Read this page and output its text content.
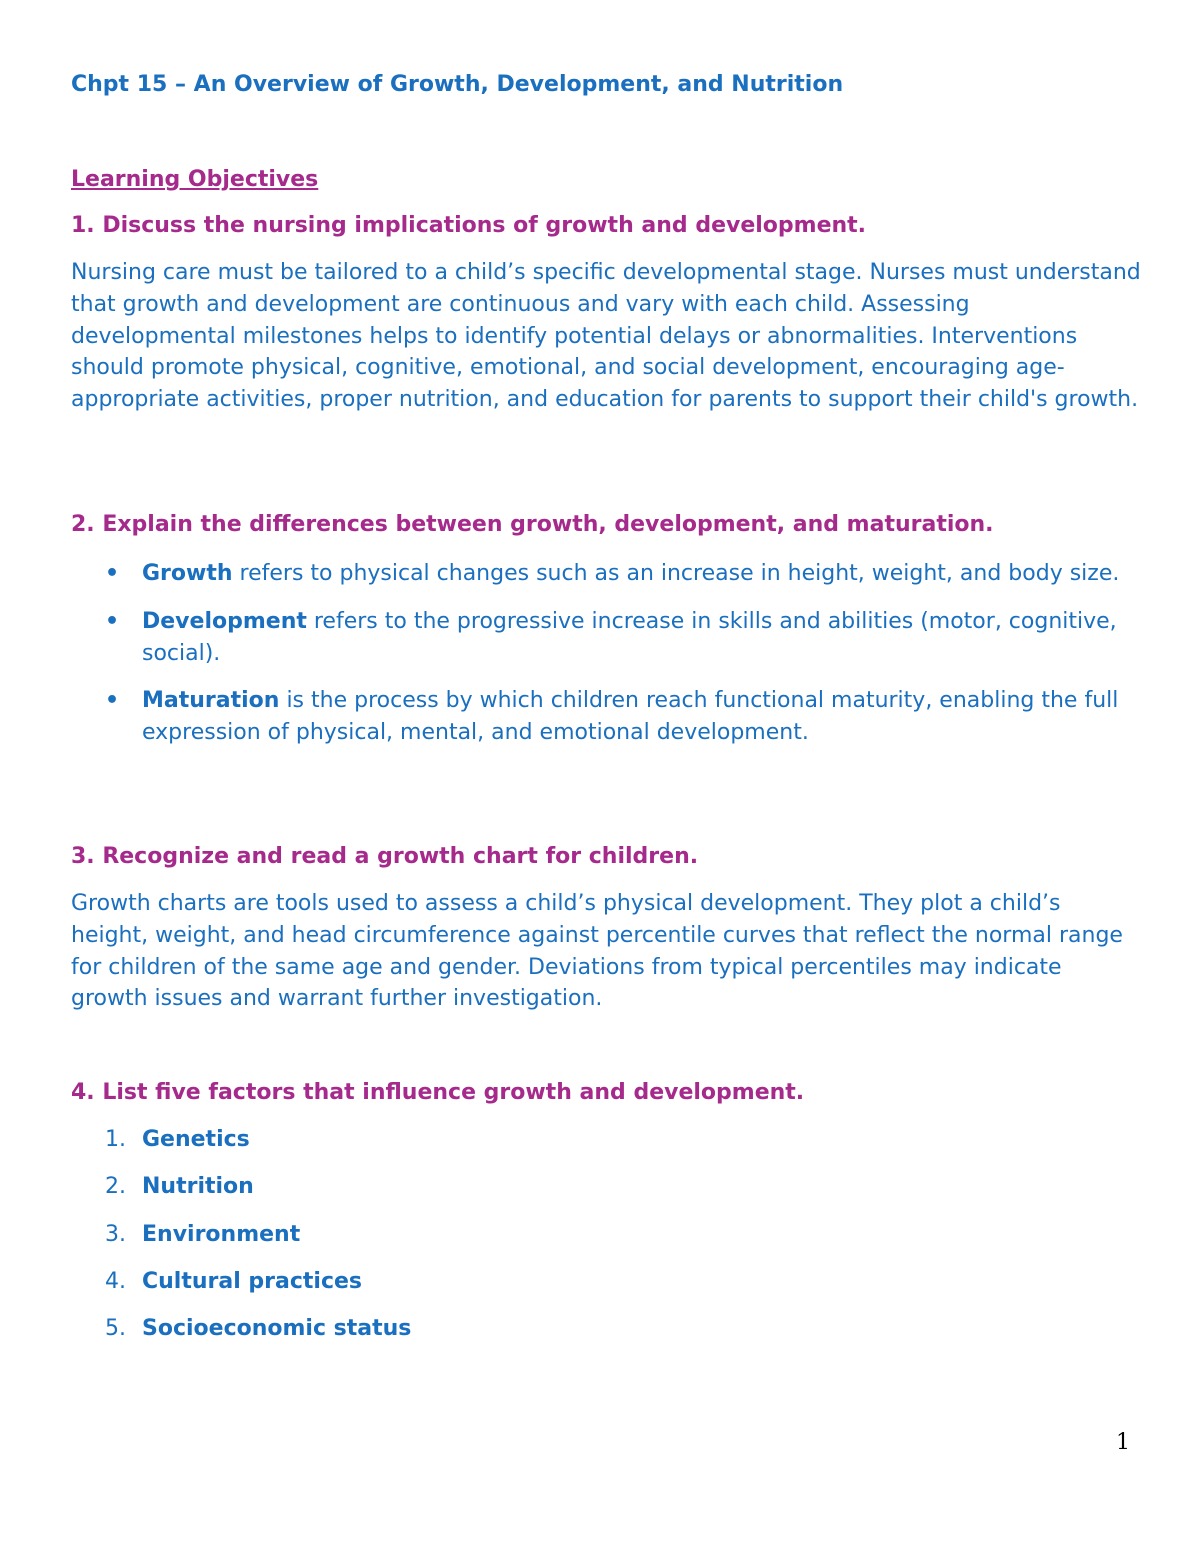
Chpt 15 – An Overview of Growth, Development, and Nutrition
Learning Objectives
1. Discuss the nursing implications of growth and development.

Nursing care must be tailored to a child’s specific developmental stage. Nurses must understand that growth and development are continuous and vary with each child. Assessing developmental milestones helps to identify potential delays or abnormalities. Interventions should promote physical, cognitive, emotional, and social development, encouraging age-appropriate activities, proper nutrition, and education for parents to support their child's growth.

2. Explain the differences between growth, development, and maturation.
• Growth refers to physical changes such as an increase in height, weight, and body size.
• Development refers to the progressive increase in skills and abilities (motor, cognitive, social).
• Maturation is the process by which children reach functional maturity, enabling the full expression of physical, mental, and emotional development.
3. Recognize and read a growth chart for children.

Growth charts are tools used to assess a child’s physical development. They plot a child’s height, weight, and head circumference against percentile curves that reflect the normal range for children of the same age and gender. Deviations from typical percentiles may indicate growth issues and warrant further investigation.

4. List five factors that influence growth and development.
1. Genetics
2. Nutrition
3. Environment
4. Cultural practices
5. Socioeconomic status

1
